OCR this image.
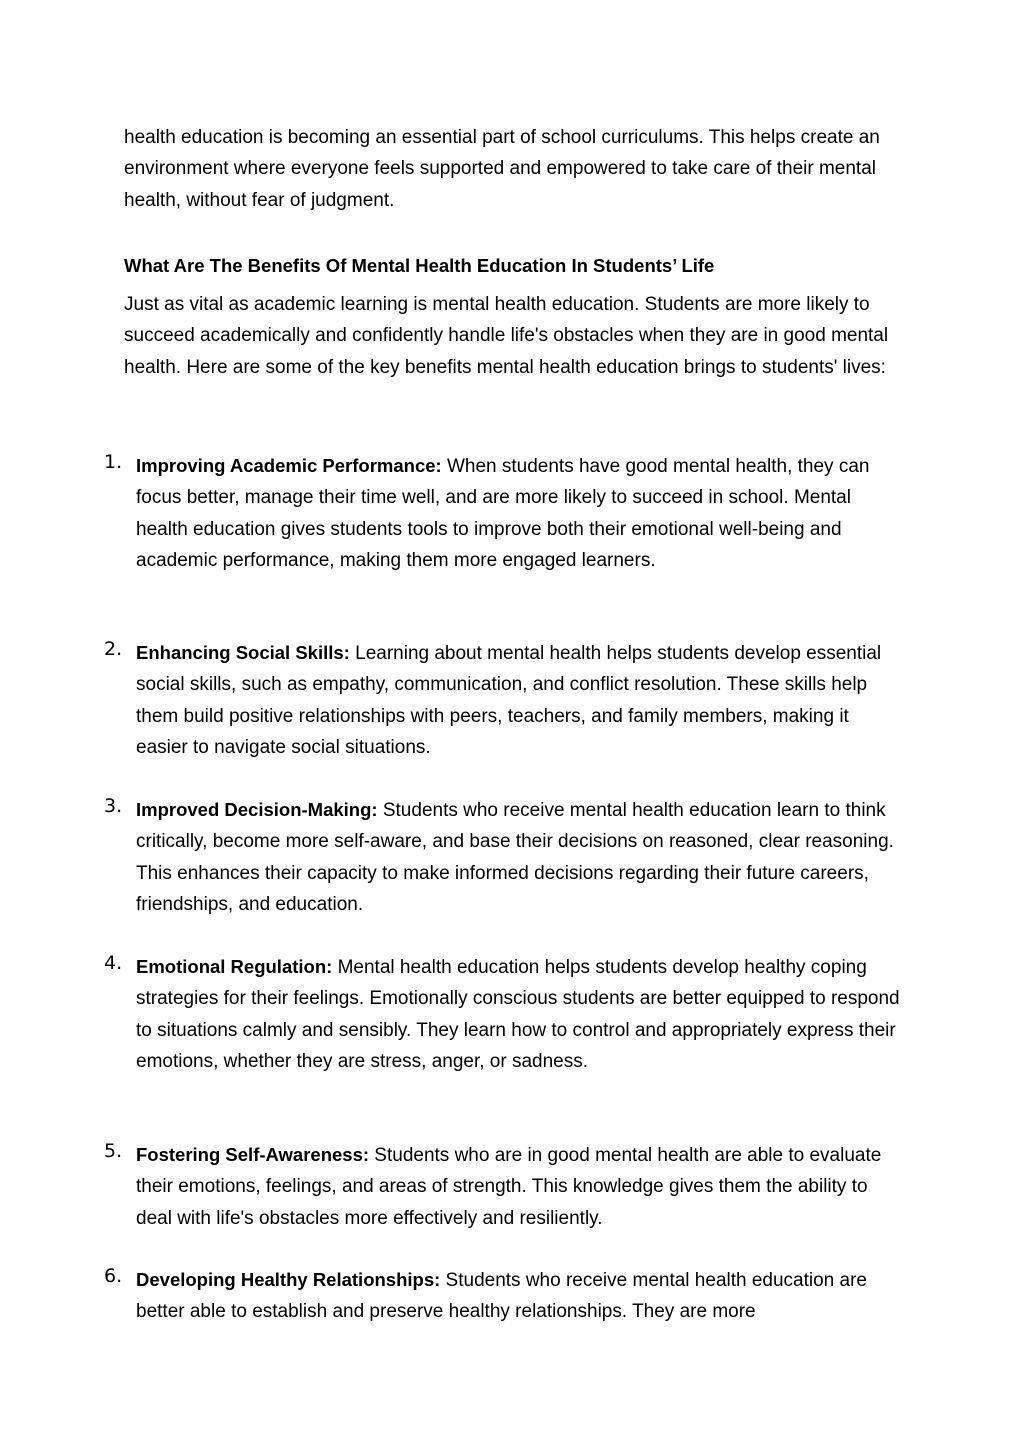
health education is becoming an essential part of school curriculums. This helps create an environment where everyone feels supported and empowered to take care of their mental health, without fear of judgment.

What Are The Benefits Of Mental Health Education In Students’ Life

Just as vital as academic learning is mental health education. Students are more likely to succeed academically and confidently handle life's obstacles when they are in good mental health. Here are some of the key benefits mental health education brings to students' lives:

1. Improving Academic Performance: When students have good mental health, they can focus better, manage their time well, and are more likely to succeed in school. Mental health education gives students tools to improve both their emotional well-being and academic performance, making them more engaged learners.
2. Enhancing Social Skills: Learning about mental health helps students develop essential social skills, such as empathy, communication, and conflict resolution. These skills help them build positive relationships with peers, teachers, and family members, making it easier to navigate social situations.
3. Improved Decision-Making: Students who receive mental health education learn to think critically, become more self-aware, and base their decisions on reasoned, clear reasoning. This enhances their capacity to make informed decisions regarding their future careers, friendships, and education.
4. Emotional Regulation: Mental health education helps students develop healthy coping strategies for their feelings. Emotionally conscious students are better equipped to respond to situations calmly and sensibly. They learn how to control and appropriately express their emotions, whether they are stress, anger, or sadness.
5. Fostering Self-Awareness: Students who are in good mental health are able to evaluate their emotions, feelings, and areas of strength. This knowledge gives them the ability to deal with life's obstacles more effectively and resiliently.
6. Developing Healthy Relationships: Students who receive mental health education are better able to establish and preserve healthy relationships. They are more
